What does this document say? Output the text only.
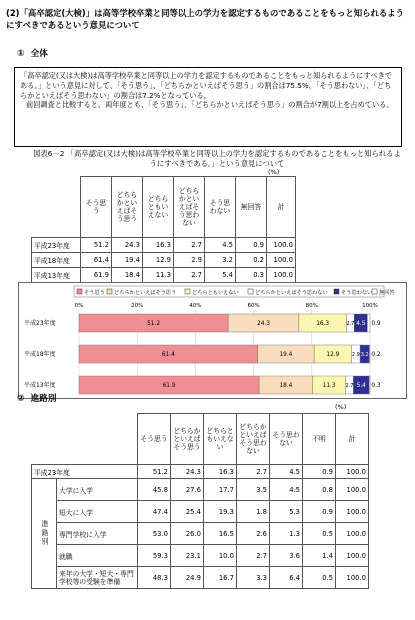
(2)「高卒認定(大検)」は高等学校卒業と同等以上の学力を認定するものであることをもっと知られるようにすべきであるという意見について
① 全体

「高卒認定(又は大検)は高等学校卒業と同等以上の学力を認定するものであることをもっと知られるようにすべきである。」という意見に対して、「そう思う」、「どちらかといえばそう思う」の割合は75.5%、「そう思わない」、「どちらかといえばそう思わない」の割合は7.2%となっている。

前回調査と比較すると、両年度とも、「そう思う」、「どちらかといえばそう思う」の割合が7割以上を占めている。

図表6－2 「高卒認定(又は大検)は高等学校卒業と同等以上の学力を認定するものであることをもっと知られるようにすべきである。」という意見について
(%)
	そう思う	どちらかといえばそう思う	どちらともいえない	どちらかといえばそう思わない	そう思わない	無回答	計
平成23年度	51.2	24.3	16.3	2.7	4.5	0.9	100.0
平成18年度	61.4	19.4	12.9	2.9	3.2	0.2	100.0
平成13年度	61.9	18.4	11.3	2.7	5.4	0.3	100.0
そう思う どちらかといえばそう思う	どちらともいえない	どちらかといえばそう思わない	そう思わない 無回答
0%	20%	40%	60%	80%	100%
平成23年度	51.2	24.3	16.3	2.7 4.5 0.9
平成18年度	61.4	19.4	12.9	2.9 3.2 0.2
平成13年度	61.9	18.4	11.3 2.7 5.4 0.3
② 進路別
(%)
		そう思う	どちらかといえばそう思う	どちらともいえない	どちらかといえばそう思わない	そう思わない	不明	計
平成23年度		51.2	24.3	16.3	2.7	4.5	0.9	100.0
進路別	大学に入学	45.8	27.6	17.7	3.5	4.5	0.8	100.0
	短大に入学	47.4	25.4	19.3	1.8	5.3	0.9	100.0
	専門学校に入学	53.0	26.0	16.5	2.6	1.3	0.5	100.0
	就職	59.3	23.1	10.0	2.7	3.6	1.4	100.0
	来年の大学・短大・専門学校等の受験を準備	48.3	24.9	16.7	3.3	6.4	0.5	100.0
